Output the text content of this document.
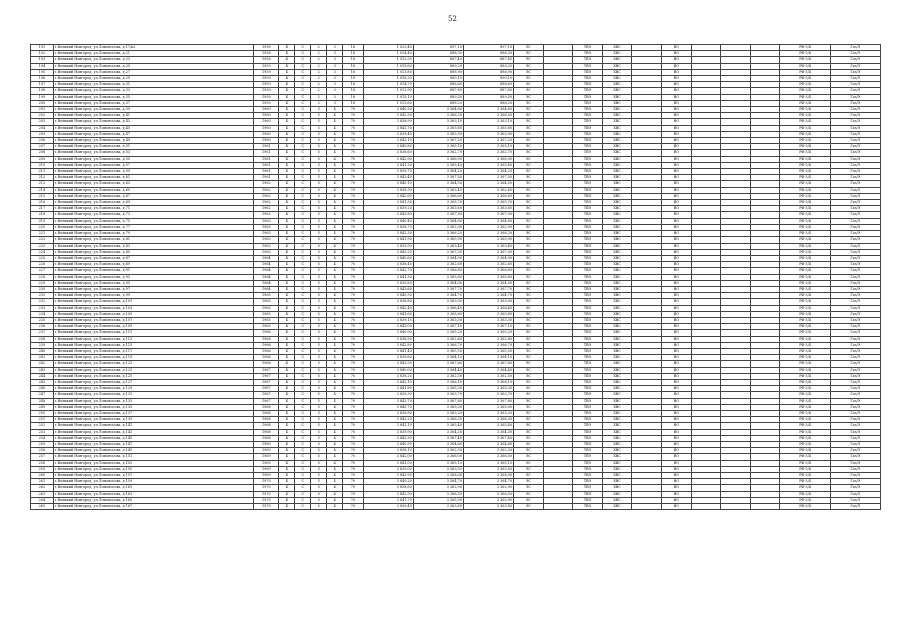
52
191	г.Великий Новгород, ул.Ломоносова, д.17/к2	1958	Б	С	2	3	18	1 023,40	897,10	897,10	ЭС		ТВЭ	ХВС		ВО				РФ-3/4	Газ/Э
192	г.Великий Новгород, ул.Ломоносова, д.21	1958	Б	С	2	3	18	1 014,40	888,30	888,30	ЭС		ТВЭ	ХВС		ВО				РФ-3/4	Газ/Э
193	г.Великий Новгород, ул.Ломоносова, д.23	1958	Б	С	2	3	18	1 012,50	887,40	887,40	ЭС		ТВЭ	ХВС		ВО				РФ-3/4	Газ/Э
194	г.Великий Новгород, ул.Ломоносова, д.25	1959	Б	С	2	3	18	1 015,60	889,20	889,20	ЭС		ТВЭ	ХВС		ВО				РФ-3/4	Газ/Э
195	г.Великий Новгород, ул.Ломоносова, д.27	1959	Б	С	2	3	18	1 013,80	888,90	888,90	ЭС		ТВЭ	ХВС		ВО				РФ-3/4	Газ/Э
196	г.Великий Новгород, ул.Ломоносова, д.29	1959	Б	С	2	3	18	1 016,20	890,10	890,10	ЭС		ТВЭ	ХВС		ВО				РФ-3/4	Газ/Э
197	г.Великий Новгород, ул.Ломоносова, д.31	1959	Б	С	2	3	18	1 014,70	888,60	888,60	ЭС		ТВЭ	ХВС		ВО				РФ-3/4	Газ/Э
198	г.Великий Новгород, ул.Ломоносова, д.33	1959	Б	С	2	3	18	1 012,90	887,80	887,80	ЭС		ТВЭ	ХВС		ВО				РФ-3/4	Газ/Э
199	г.Великий Новгород, ул.Ломоносова, д.35	1959	Б	С	2	3	18	1 015,10	889,50	889,50	ЭС		ТВЭ	ХВС		ВО				РФ-3/4	Газ/Э
200	г.Великий Новгород, ул.Ломоносова, д.37	1959	Б	С	2	3	18	1 013,60	888,20	888,20	ЭС		ТВЭ	ХВС		ВО				РФ-3/4	Газ/Э
201	г.Великий Новгород, ул.Ломоносова, д.39	1960	Б	С	5	4	70	3 840,20	3 364,60	3 364,60	ЭС		ТВЭ	ХВС		ВО				РФ-3/4	Газ/Э
202	г.Великий Новгород, ул.Ломоносова, д.41	1960	Б	С	5	4	70	3 842,50	3 366,30	3 366,30	ЭС		ТВЭ	ХВС		ВО				РФ-3/4	Газ/Э
203	г.Великий Новгород, ул.Ломоносова, д.43	1960	Б	С	5	4	70	3 838,90	3 363,10	3 363,10	ЭС		ТВЭ	ХВС		ВО				РФ-3/4	Газ/Э
204	г.Великий Новгород, ул.Ломоносова, д.45	1960	Б	С	5	4	70	3 841,70	3 365,80	3 365,80	ЭС		ТВЭ	ХВС		ВО				РФ-3/4	Газ/Э
205	г.Великий Новгород, ул.Ломоносова, д.47	1960	Б	С	5	4	70	3 839,40	3 363,90	3 363,90	ЭС		ТВЭ	ХВС		ВО				РФ-3/4	Газ/Э
206	г.Великий Новгород, ул.Ломоносова, д.49	1960	Б	С	5	4	70	3 843,10	3 367,20	3 367,20	ЭС		ТВЭ	ХВС		ВО				РФ-3/4	Газ/Э
207	г.Великий Новгород, ул.Ломоносова, д.51	1961	Б	С	5	4	70	3 840,80	3 365,10	3 365,10	ЭС		ТВЭ	ХВС		ВО				РФ-3/4	Газ/Э
208	г.Великий Новгород, ул.Ломоносова, д.53	1961	Б	С	5	4	70	3 838,60	3 362,70	3 362,70	ЭС		ТВЭ	ХВС		ВО				РФ-3/4	Газ/Э
209	г.Великий Новгород, ул.Ломоносова, д.55	1961	Б	С	5	4	70	3 842,90	3 366,90	3 366,90	ЭС		ТВЭ	ХВС		ВО				РФ-3/4	Газ/Э
210	г.Великий Новгород, ул.Ломоносова, д.57	1961	Б	С	5	4	70	3 841,20	3 365,40	3 365,40	ЭС		ТВЭ	ХВС		ВО				РФ-3/4	Газ/Э
211	г.Великий Новгород, ул.Ломоносова, д.59	1961	Б	С	5	4	70	3 839,70	3 364,20	3 364,20	ЭС		ТВЭ	ХВС		ВО				РФ-3/4	Газ/Э
212	г.Великий Новгород, ул.Ломоносова, д.61	1961	Б	С	5	4	70	3 843,40	3 367,50	3 367,50	ЭС		ТВЭ	ХВС		ВО				РФ-3/4	Газ/Э
213	г.Великий Новгород, ул.Ломоносова, д.63	1962	Б	С	5	4	70	3 840,10	3 364,50	3 364,50	ЭС		ТВЭ	ХВС		ВО				РФ-3/4	Газ/Э
214	г.Великий Новгород, ул.Ломоносова, д.65	1962	Б	С	5	4	70	3 838,30	3 362,40	3 362,40	ЭС		ТВЭ	ХВС		ВО				РФ-3/4	Газ/Э
215	г.Великий Новгород, ул.Ломоносова, д.67	1962	Б	С	5	4	70	3 842,60	3 366,60	3 366,60	ЭС		ТВЭ	ХВС		ВО				РФ-3/4	Газ/Э
216	г.Великий Новгород, ул.Ломоносова, д.69	1962	Б	С	5	4	70	3 841,50	3 365,70	3 365,70	ЭС		ТВЭ	ХВС		ВО				РФ-3/4	Газ/Э
217	г.Великий Новгород, ул.Ломоносова, д.71	1962	Б	С	5	4	70	3 839,20	3 363,60	3 363,60	ЭС		ТВЭ	ХВС		ВО				РФ-3/4	Газ/Э
218	г.Великий Новгород, ул.Ломоносова, д.73	1962	Б	С	5	4	70	3 843,80	3 367,90	3 367,90	ЭС		ТВЭ	ХВС		ВО				РФ-3/4	Газ/Э
219	г.Великий Новгород, ул.Ломоносова, д.75	1963	Б	С	5	4	70	3 840,40	3 364,80	3 364,80	ЭС		ТВЭ	ХВС		ВО				РФ-3/4	Газ/Э
220	г.Великий Новгород, ул.Ломоносова, д.77	1963	Б	С	5	4	70	3 838,70	3 362,90	3 362,90	ЭС		ТВЭ	ХВС		ВО				РФ-3/4	Газ/Э
221	г.Великий Новгород, ул.Ломоносова, д.79	1963	Б	С	5	4	70	3 842,30	3 366,20	3 366,20	ЭС		ТВЭ	ХВС		ВО				РФ-3/4	Газ/Э
222	г.Великий Новгород, ул.Ломоносова, д.81	1963	Б	С	5	4	70	3 841,90	3 365,90	3 365,90	ЭС		ТВЭ	ХВС		ВО				РФ-3/4	Газ/Э
223	г.Великий Новгород, ул.Ломоносова, д.83	1963	Б	С	5	4	70	3 839,50	3 363,40	3 363,40	ЭС		ТВЭ	ХВС		ВО				РФ-3/4	Газ/Э
224	г.Великий Новгород, ул.Ломоносова, д.85	1963	Б	С	5	4	70	3 843,20	3 367,30	3 367,30	ЭС		ТВЭ	ХВС		ВО				РФ-3/4	Газ/Э
225	г.Великий Новгород, ул.Ломоносова, д.87	1964	Б	С	5	4	70	3 840,60	3 364,90	3 364,90	ЭС		ТВЭ	ХВС		ВО				РФ-3/4	Газ/Э
226	г.Великий Новгород, ул.Ломоносова, д.89	1964	Б	С	5	4	70	3 838,40	3 362,60	3 362,60	ЭС		ТВЭ	ХВС		ВО				РФ-3/4	Газ/Э
227	г.Великий Новгород, ул.Ломоносова, д.91	1964	Б	С	5	4	70	3 842,70	3 366,80	3 366,80	ЭС		ТВЭ	ХВС		ВО				РФ-3/4	Газ/Э
228	г.Великий Новгород, ул.Ломоносова, д.93	1964	Б	С	5	4	70	3 841,30	3 365,60	3 365,60	ЭС		ТВЭ	ХВС		ВО				РФ-3/4	Газ/Э
229	г.Великий Новгород, ул.Ломоносова, д.95	1964	Б	С	5	4	70	3 839,80	3 364,00	3 364,00	ЭС		ТВЭ	ХВС		ВО				РФ-3/4	Газ/Э
230	г.Великий Новгород, ул.Ломоносова, д.97	1964	Б	С	5	4	70	3 843,60	3 367,70	3 367,70	ЭС		ТВЭ	ХВС		ВО				РФ-3/4	Газ/Э
231	г.Великий Новгород, ул.Ломоносова, д.99	1965	Б	С	5	4	70	3 840,30	3 364,70	3 364,70	ЭС		ТВЭ	ХВС		ВО				РФ-3/4	Газ/Э
232	г.Великий Новгород, ул.Ломоносова, д.101	1965	Б	С	5	4	70	3 838,80	3 363,00	3 363,00	ЭС		ТВЭ	ХВС		ВО				РФ-3/4	Газ/Э
233	г.Великий Новгород, ул.Ломоносова, д.103	1965	Б	С	5	4	70	3 842,40	3 366,40	3 366,40	ЭС		ТВЭ	ХВС		ВО				РФ-3/4	Газ/Э
234	г.Великий Новгород, ул.Ломоносова, д.105	1965	Б	С	5	4	70	3 841,60	3 365,80	3 365,80	ЭС		ТВЭ	ХВС		ВО				РФ-3/4	Газ/Э
235	г.Великий Новгород, ул.Ломоносова, д.107	1965	Б	С	5	4	70	3 839,10	3 363,30	3 363,30	ЭС		ТВЭ	ХВС		ВО				РФ-3/4	Газ/Э
236	г.Великий Новгород, ул.Ломоносова, д.109	1965	Б	С	5	4	70	3 843,00	3 367,10	3 367,10	ЭС		ТВЭ	ХВС		ВО				РФ-3/4	Газ/Э
237	г.Великий Новгород, ул.Ломоносова, д.111	1966	Б	С	5	4	70	3 840,90	3 365,20	3 365,20	ЭС		ТВЭ	ХВС		ВО				РФ-3/4	Газ/Э
238	г.Великий Новгород, ул.Ломоносова, д.113	1966	Б	С	5	4	70	3 838,50	3 362,80	3 362,80	ЭС		ТВЭ	ХВС		ВО				РФ-3/4	Газ/Э
239	г.Великий Новгород, ул.Ломоносова, д.115	1966	Б	С	5	4	70	3 842,80	3 366,70	3 366,70	ЭС		ТВЭ	ХВС		ВО				РФ-3/4	Газ/Э
240	г.Великий Новгород, ул.Ломоносова, д.117	1966	Б	С	5	4	70	3 841,40	3 365,50	3 365,50	ЭС		ТВЭ	ХВС		ВО				РФ-3/4	Газ/Э
241	г.Великий Новгород, ул.Ломоносова, д.119	1966	Б	С	5	4	70	3 839,60	3 364,10	3 364,10	ЭС		ТВЭ	ХВС		ВО				РФ-3/4	Газ/Э
242	г.Великий Новгород, ул.Ломоносова, д.121	1966	Б	С	5	4	70	3 843,50	3 367,60	3 367,60	ЭС		ТВЭ	ХВС		ВО				РФ-3/4	Газ/Э
243	г.Великий Новгород, ул.Ломоносова, д.123	1967	Б	С	5	4	70	3 840,00	3 364,40	3 364,40	ЭС		ТВЭ	ХВС		ВО				РФ-3/4	Газ/Э
244	г.Великий Новгород, ул.Ломоносова, д.125	1967	Б	С	5	4	70	3 838,20	3 362,50	3 362,50	ЭС		ТВЭ	ХВС		ВО				РФ-3/4	Газ/Э
245	г.Великий Новгород, ул.Ломоносова, д.127	1967	Б	С	5	4	70	3 842,10	3 366,10	3 366,10	ЭС		ТВЭ	ХВС		ВО				РФ-3/4	Газ/Э
246	г.Великий Новгород, ул.Ломоносова, д.129	1967	Б	С	5	4	70	3 841,80	3 365,30	3 365,30	ЭС		ТВЭ	ХВС		ВО				РФ-3/4	Газ/Э
247	г.Великий Новгород, ул.Ломоносова, д.131	1967	Б	С	5	4	70	3 839,30	3 363,70	3 363,70	ЭС		ТВЭ	ХВС		ВО				РФ-3/4	Газ/Э
248	г.Великий Новгород, ул.Ломоносова, д.133	1967	Б	С	5	4	70	3 843,70	3 367,80	3 367,80	ЭС		ТВЭ	ХВС		ВО				РФ-3/4	Газ/Э
249	г.Великий Новгород, ул.Ломоносова, д.135	1968	Б	С	5	4	70	3 840,70	3 365,00	3 365,00	ЭС		ТВЭ	ХВС		ВО				РФ-3/4	Газ/Э
250	г.Великий Новгород, ул.Ломоносова, д.137	1968	Б	С	5	4	70	3 838,90	3 363,20	3 363,20	ЭС		ТВЭ	ХВС		ВО				РФ-3/4	Газ/Э
251	г.Великий Новгород, ул.Ломоносова, д.139	1968	Б	С	5	4	70	3 842,20	3 366,30	3 366,30	ЭС		ТВЭ	ХВС		ВО				РФ-3/4	Газ/Э
252	г.Великий Новгород, ул.Ломоносова, д.141	1968	Б	С	5	4	70	3 841,10	3 365,40	3 365,40	ЭС		ТВЭ	ХВС		ВО				РФ-3/4	Газ/Э
253	г.Великий Новгород, ул.Ломоносова, д.143	1968	Б	С	5	4	70	3 839,90	3 364,30	3 364,30	ЭС		ТВЭ	ХВС		ВО				РФ-3/4	Газ/Э
254	г.Великий Новгород, ул.Ломоносова, д.145	1968	Б	С	5	4	70	3 843,30	3 367,40	3 367,40	ЭС		ТВЭ	ХВС		ВО				РФ-3/4	Газ/Э
255	г.Великий Новгород, ул.Ломоносова, д.147	1969	Б	С	5	4	70	3 840,50	3 364,60	3 364,60	ЭС		ТВЭ	ХВС		ВО				РФ-3/4	Газ/Э
256	г.Великий Новгород, ул.Ломоносова, д.149	1969	Б	С	5	4	70	3 838,10	3 362,30	3 362,30	ЭС		ТВЭ	ХВС		ВО				РФ-3/4	Газ/Э
257	г.Великий Новгород, ул.Ломоносова, д.151	1969	Б	С	5	4	70	3 842,00	3 366,00	3 366,00	ЭС		ТВЭ	ХВС		ВО				РФ-3/4	Газ/Э
258	г.Великий Новгород, ул.Ломоносова, д.153	1969	Б	С	5	4	70	3 841,00	3 365,10	3 365,10	ЭС		ТВЭ	ХВС		ВО				РФ-3/4	Газ/Э
259	г.Великий Новгород, ул.Ломоносова, д.155	1969	Б	С	5	4	70	3 839,00	3 363,50	3 363,50	ЭС		ТВЭ	ХВС		ВО				РФ-3/4	Газ/Э
260	г.Великий Новгород, ул.Ломоносова, д.157	1969	Б	С	5	4	70	3 843,90	3 368,00	3 368,00	ЭС		ТВЭ	ХВС		ВО				РФ-3/4	Газ/Э
261	г.Великий Новгород, ул.Ломоносова, д.159	1970	Б	С	5	4	70	3 840,20	3 364,70	3 364,70	ЭС		ТВЭ	ХВС		ВО				РФ-3/4	Газ/Э
262	г.Великий Новгород, ул.Ломоносова, д.161	1970	Б	С	5	4	70	3 838,60	3 362,90	3 362,90	ЭС		ТВЭ	ХВС		ВО				РФ-3/4	Газ/Э
263	г.Великий Новгород, ул.Ломоносова, д.163	1970	Б	С	5	4	70	3 842,50	3 366,50	3 366,50	ЭС		ТВЭ	ХВС		ВО				РФ-3/4	Газ/Э
264	г.Великий Новгород, ул.Ломоносова, д.165	1970	Б	С	5	4	70	3 841,70	3 365,90	3 365,90	ЭС		ТВЭ	ХВС		ВО				РФ-3/4	Газ/Э
265	г.Великий Новгород, ул.Ломоносова, д.167	1970	Б	С	5	4	70	3 839,40	3 363,80	3 363,80	ЭС		ТВЭ	ХВС		ВО				РФ-3/4	Газ/Э
